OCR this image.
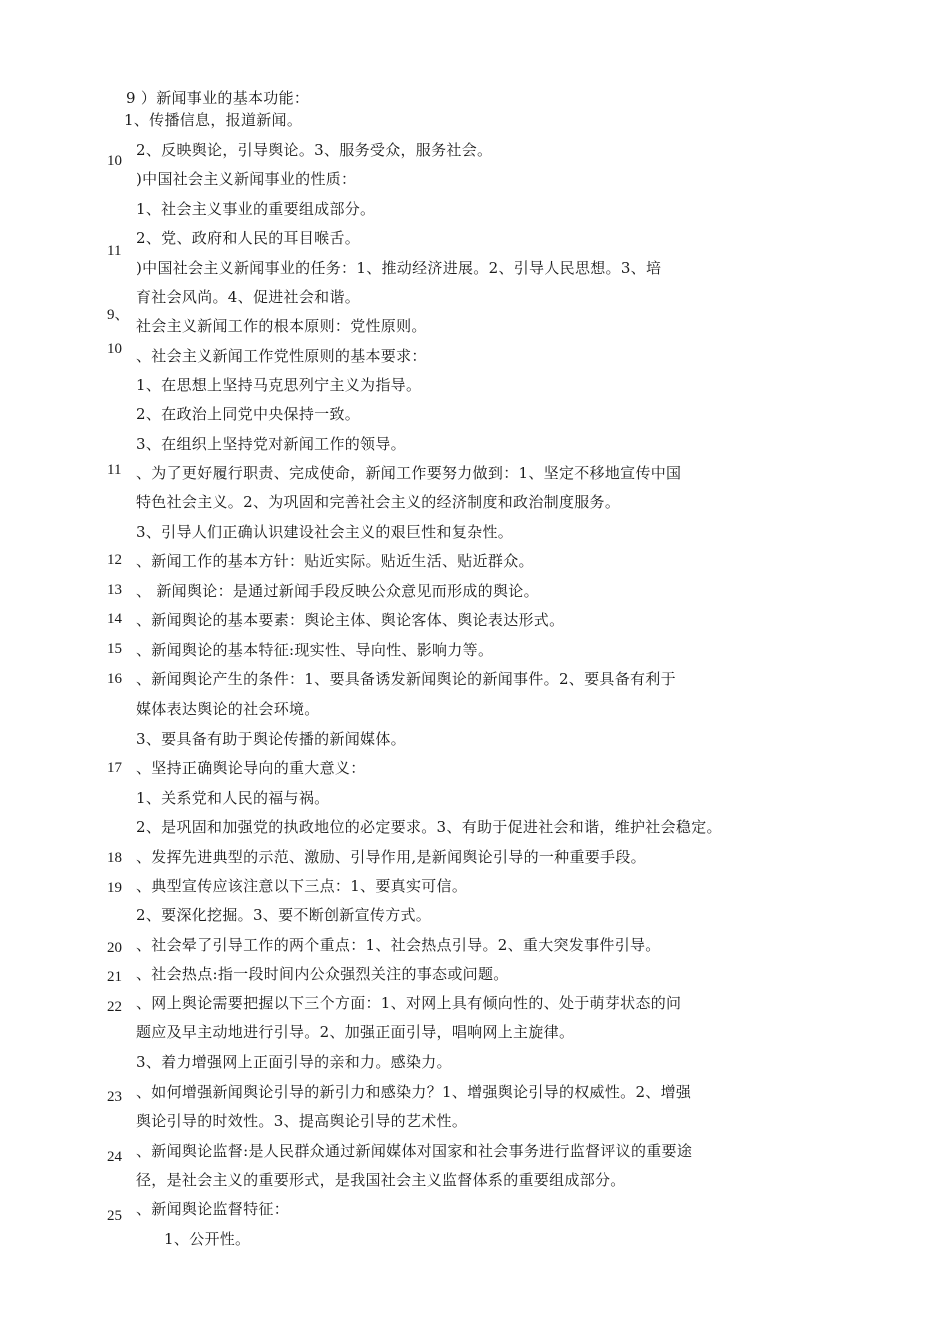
10
11
9、
10
11
12
13
14
15
16
17
18
19
20
21
22
23
24
25
9 ）新闻事业的基本功能：
1、传播信息，报道新闻。
2、反映舆论，引导舆论。3、服务受众，服务社会。
)中国社会主义新闻事业的性质：
1、社会主义事业的重要组成部分。
2、党、政府和人民的耳目喉舌。
)中国社会主义新闻事业的任务：1、推动经济进展。2、引导人民思想。3、培
育社会风尚。4、促进社会和谐。
社会主义新闻工作的根本原则：党性原则。
、社会主义新闻工作党性原则的基本要求：
1、在思想上坚持马克思列宁主义为指导。
2、在政治上同党中央保持一致。
3、在组织上坚持党对新闻工作的领导。
、为了更好履行职责、完成使命，新闻工作要努力做到：1、坚定不移地宣传中国
特色社会主义。2、为巩固和完善社会主义的经济制度和政治制度服务。
3、引导人们正确认识建设社会主义的艰巨性和复杂性。
、新闻工作的基本方针：贴近实际。贴近生活、贴近群众。
、 新闻舆论：是通过新闻手段反映公众意见而形成的舆论。
、新闻舆论的基本要素：舆论主体、舆论客体、舆论表达形式。
、新闻舆论的基本特征:现实性、导向性、影响力等。
、新闻舆论产生的条件：1、要具备诱发新闻舆论的新闻事件。2、要具备有利于
媒体表达舆论的社会环境。
3、要具备有助于舆论传播的新闻媒体。
、坚持正确舆论导向的重大意义：
1、关系党和人民的福与祸。
2、是巩固和加强党的执政地位的必定要求。3、有助于促进社会和谐，维护社会稳定。
、发挥先进典型的示范、激励、引导作用,是新闻舆论引导的一种重要手段。
、典型宣传应该注意以下三点：1、要真实可信。
2、要深化挖掘。3、要不断创新宣传方式。
、社会晕了引导工作的两个重点：1、社会热点引导。2、重大突发事件引导。
、社会热点:指一段时间内公众强烈关注的事态或问题。
、网上舆论需要把握以下三个方面：1、对网上具有倾向性的、处于萌芽状态的问
题应及早主动地进行引导。2、加强正面引导，唱响网上主旋律。
3、着力增强网上正面引导的亲和力。感染力。
、如何增强新闻舆论引导的新引力和感染力？1、增强舆论引导的权威性。2、增强
舆论引导的时效性。3、提高舆论引导的艺术性。
、新闻舆论监督:是人民群众通过新闻媒体对国家和社会事务进行监督评议的重要途
径，是社会主义的重要形式，是我国社会主义监督体系的重要组成部分。
、新闻舆论监督特征：
1、公开性。
